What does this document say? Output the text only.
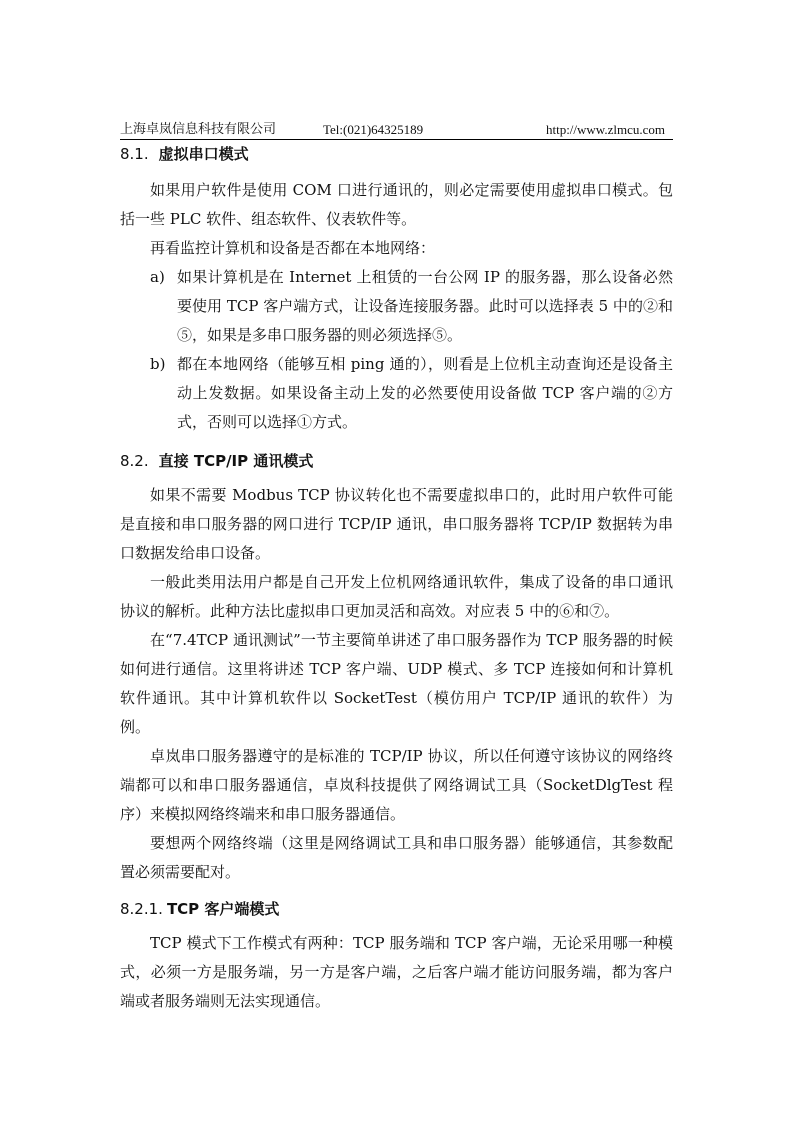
上海卓岚信息科技有限公司	Tel:(021)64325189	http://www.zlmcu.com
8.1. 虚拟串口模式

如果用户软件是使用 COM 口进行通讯的，则必定需要使用虚拟串口模式。包括一些 PLC 软件、组态软件、仪表软件等。

再看监控计算机和设备是否都在本地网络：

a) 如果计算机是在 Internet 上租赁的一台公网 IP 的服务器，那么设备必然要使用 TCP 客户端方式，让设备连接服务器。此时可以选择表 5 中的②和⑤，如果是多串口服务器的则必须选择⑤。
b) 都在本地网络（能够互相 ping 通的），则看是上位机主动查询还是设备主动上发数据。如果设备主动上发的必然要使用设备做 TCP 客户端的②方式，否则可以选择①方式。
8.2. 直接 TCP/IP 通讯模式

如果不需要 Modbus TCP 协议转化也不需要虚拟串口的，此时用户软件可能是直接和串口服务器的网口进行 TCP/IP 通讯，串口服务器将 TCP/IP 数据转为串口数据发给串口设备。

一般此类用法用户都是自己开发上位机网络通讯软件，集成了设备的串口通讯协议的解析。此种方法比虚拟串口更加灵活和高效。对应表 5 中的⑥和⑦。

在“7.4TCP 通讯测试”一节主要简单讲述了串口服务器作为 TCP 服务器的时候如何进行通信。这里将讲述 TCP 客户端、UDP 模式、多 TCP 连接如何和计算机软件通讯。其中计算机软件以 SocketTest（模仿用户 TCP/IP 通讯的软件）为例。

卓岚串口服务器遵守的是标准的 TCP/IP 协议，所以任何遵守该协议的网络终端都可以和串口服务器通信，卓岚科技提供了网络调试工具（SocketDlgTest 程序）来模拟网络终端来和串口服务器通信。

要想两个网络终端（这里是网络调试工具和串口服务器）能够通信，其参数配置必须需要配对。

8.2.1. TCP 客户端模式

TCP 模式下工作模式有两种：TCP 服务端和 TCP 客户端，无论采用哪一种模式，必须一方是服务端，另一方是客户端，之后客户端才能访问服务端，都为客户端或者服务端则无法实现通信。
